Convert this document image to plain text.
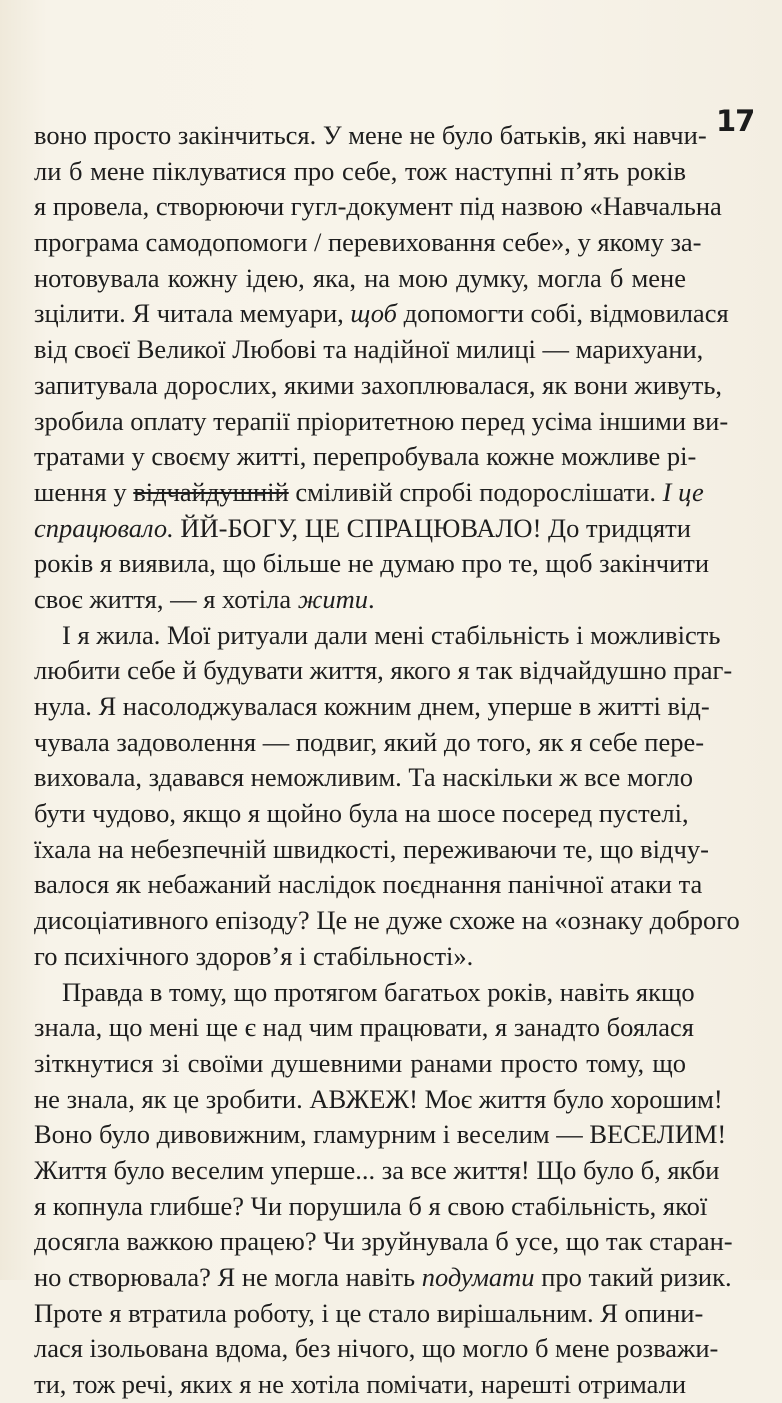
17
воно просто закінчиться. У мене не було батьків, які навчи-
ли б мене піклуватися про себе, тож наступні п’ять років
я провела, створюючи гугл-документ під назвою «Навчальна
програма самодопомоги / перевиховання себе», у якому за-
нотовувала кожну ідею, яка, на мою думку, могла б мене
зцілити. Я читала мемуари, щоб допомогти собі, відмовилася
від своєї Великої Любові та надійної милиці — марихуани,
запитувала дорослих, якими захоплювалася, як вони живуть,
зробила оплату терапії пріоритетною перед усіма іншими ви-
тратами у своєму житті, перепробувала кожне можливе рі-
шення у відчайдушній сміливій спробі подорослішати. І це
спрацювало. ЙЙ-БОГУ, ЦЕ СПРАЦЮВАЛО! До тридцяти
років я виявила, що більше не думаю про те, щоб закінчити
своє життя, — я хотіла жити.
І я жила. Мої ритуали дали мені стабільність і можливість
любити себе й будувати життя, якого я так відчайдушно праг-
нула. Я насолоджувалася кожним днем, уперше в житті від-
чувала задоволення — подвиг, який до того, як я себе пере-
виховала, здавався неможливим. Та наскільки ж все могло
бути чудово, якщо я щойно була на шосе посеред пустелі,
їхала на небезпечній швидкості, переживаючи те, що відчу-
валося як небажаний наслідок поєднання панічної атаки та
дисоціативного епізоду? Це не дуже схоже на «ознаку доброго
го психічного здоров’я і стабільності».
Правда в тому, що протягом багатьох років, навіть якщо
знала, що мені ще є над чим працювати, я занадто боялася
зіткнутися зі своїми душевними ранами просто тому, що
не знала, як це зробити. АВЖЕЖ! Моє життя було хорошим!
Воно було дивовижним, гламурним і веселим — ВЕСЕЛИМ!
Життя було веселим уперше... за все життя! Що було б, якби
я копнула глибше? Чи порушила б я свою стабільність, якої
досягла важкою працею? Чи зруйнувала б усе, що так старан-
но створювала? Я не могла навіть подумати про такий ризик.
Проте я втратила роботу, і це стало вирішальним. Я опини-
лася ізольована вдома, без нічого, що могло б мене розважи-
ти, тож речі, яких я не хотіла помічати, нарешті отримали
